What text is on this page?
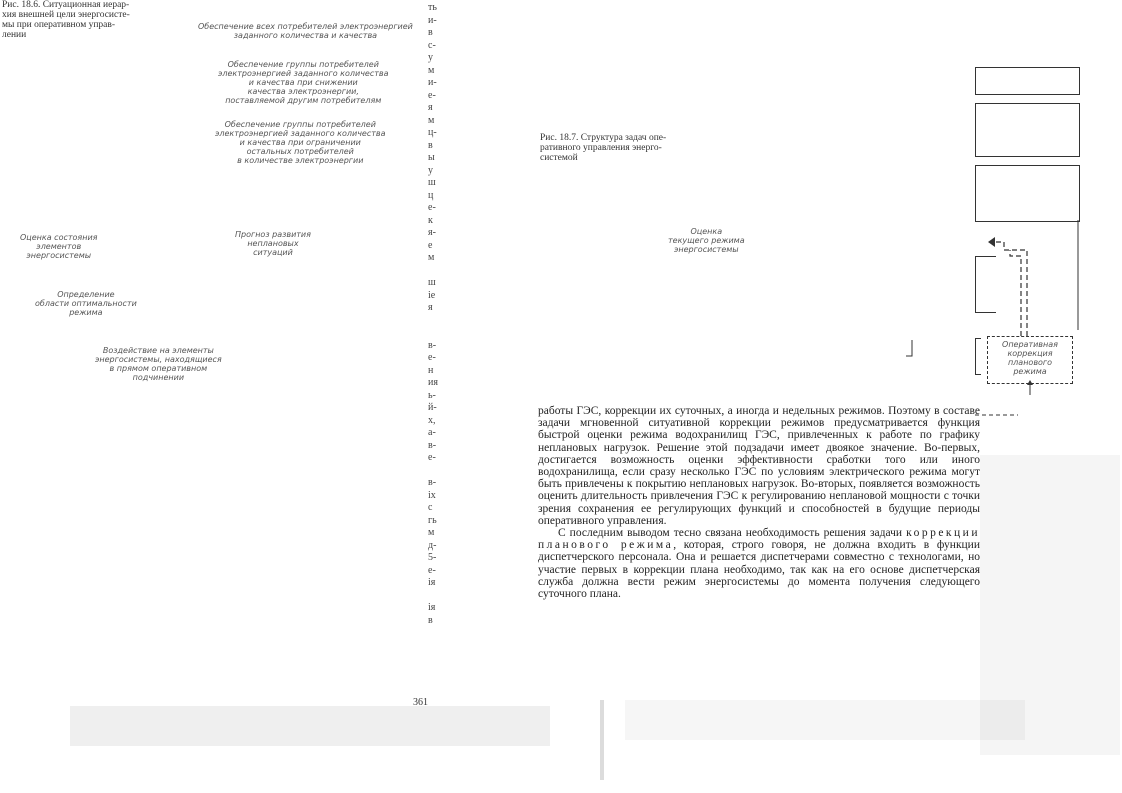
Рис. 18.6. Ситуационная иерар-
хия внешней цели энергосисте-
мы при оперативном управ-
лении
Обеспечение всех потребителей электроэнергией
заданного количества и качества
Обеспечение группы потребителей
электроэнергией заданного количества
и качества при снижении
качества электроэнергии,
поставляемой другим потребителям
Обеспечение группы потребителей
электроэнергией заданного количества
и качества при ограничении
остальных потребителей
в количестве электроэнергии
Оценка состояния
элементов
энергосистемы
Прогноз развития
неплановых
ситуаций
Определение
области оптимальности
режима
Воздействие на элементы
энергосистемы, находящиеся
в прямом оперативном
подчинении
ть
и-
в
с-
у
м
и-
е-
я
м
ц-
в
ы
у
ш
ц
е-
к
я-
е
м
ш
ie
я
в-
е-
н
ия
ь-
й-
х,
а-
в-
е-
в-
ix
с
гь
м
д-
5-
е-
ія
ія
в
361
Рис. 18.7. Структура задач опе-
ративного управления энерго-
системой
Оценка
текущего режима
энергосистемы
Оперативная
коррекция
планового
режима

работы ГЭС, коррекции их суточных, а иногда и недельных режимов. Поэтому в составе задачи мгновенной ситуативной коррекции режимов предусматривается функция быстрой оценки режима водохранилищ ГЭС, привлеченных к работе по графику неплановых нагрузок. Решение этой подзадачи имеет двоякое значение. Во-первых, достигается возможность оценки эффективности сработки того или иного водохранилища, если сразу несколько ГЭС по условиям электрического режима могут быть привлечены к покрытию неплановых нагрузок. Во-вторых, появляется возможность оценить длительность привлечения ГЭС к регулированию неплановой мощности с точки зрения сохранения ее регулирующих функций и способностей в будущие периоды оперативного управления.

С последним выводом тесно связана необходимость решения задачи коррекции планового режима, которая, строго говоря, не должна входить в функции диспетчерского персонала. Она и решается диспетчерами совместно с технологами, но участие первых в коррекции плана необходимо, так как на его основе диспетчерская служба должна вести режим энергосистемы до момента получения следующего суточного плана.
